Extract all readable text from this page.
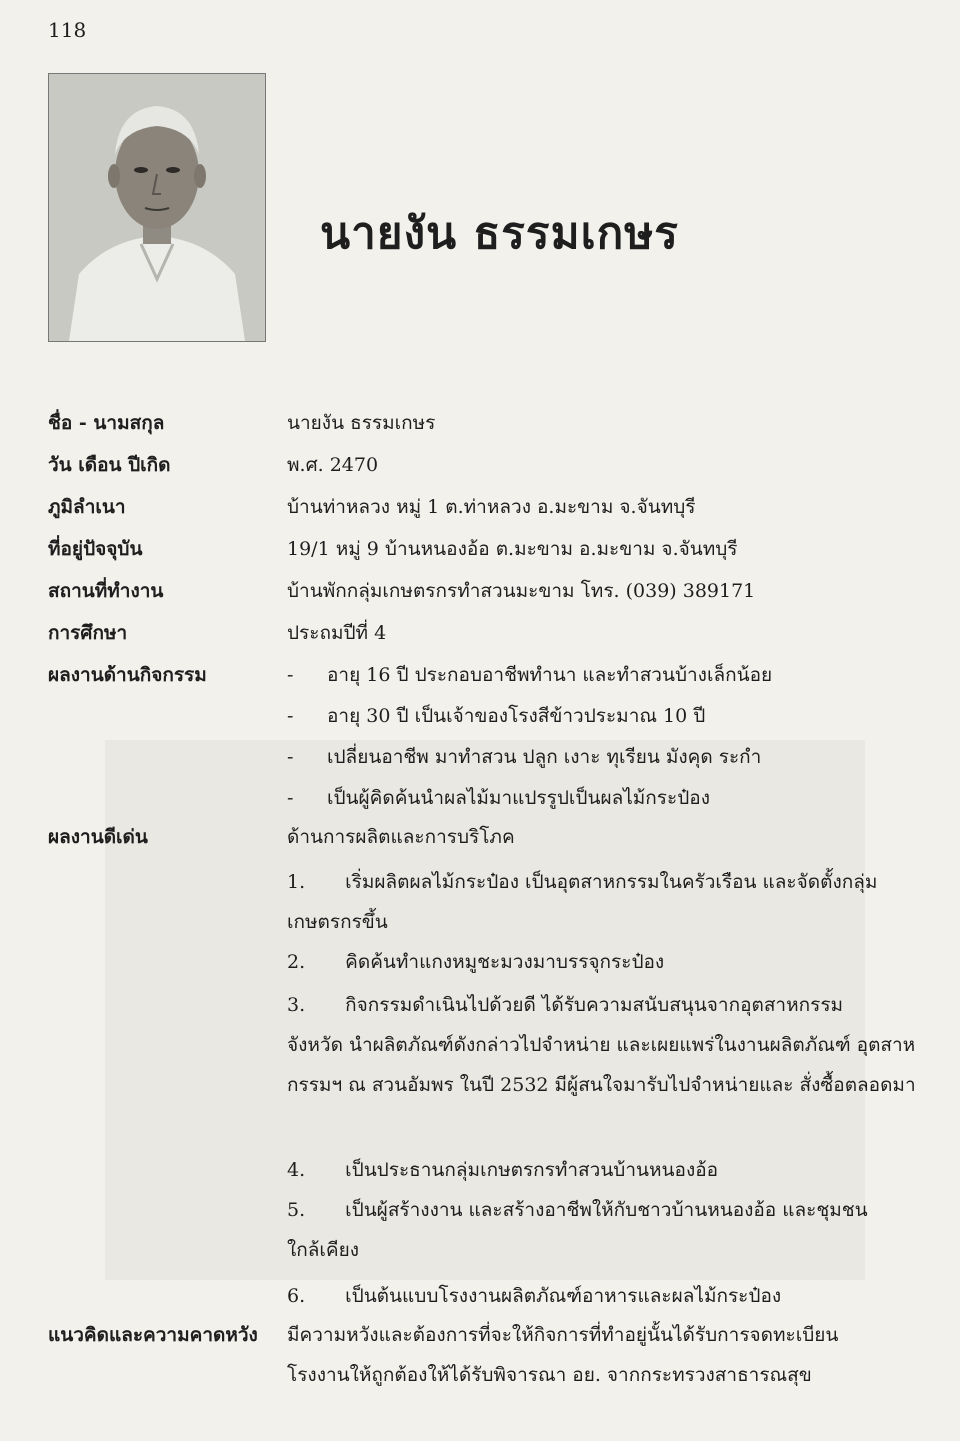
118
นายงัน ธรรมเกษร
ชื่อ - นามสกุล	นายงัน ธรรมเกษร
วัน เดือน ปีเกิด	พ.ศ. 2470
ภูมิลำเนา	บ้านท่าหลวง หมู่ 1 ต.ท่าหลวง อ.มะขาม จ.จันทบุรี
ที่อยู่ปัจจุบัน	19/1 หมู่ 9 บ้านหนองอ้อ ต.มะขาม อ.มะขาม จ.จันทบุรี
สถานที่ทำงาน	บ้านพักกลุ่มเกษตรกรทำสวนมะขาม โทร. (039) 389171
การศึกษา	ประถมปีที่ 4
ผลงานด้านกิจกรรม	- อายุ 16 ปี ประกอบอาชีพทำนา และทำสวนบ้างเล็กน้อย
- อายุ 30 ปี เป็นเจ้าของโรงสีข้าวประมาณ 10 ปี
- เปลี่ยนอาชีพ มาทำสวน ปลูก เงาะ ทุเรียน มังคุด ระกำ
- เป็นผู้คิดค้นนำผลไม้มาแปรรูปเป็นผลไม้กระป๋อง
ผลงานดีเด่น	ด้านการผลิตและการบริโภค
1. เริ่มผลิตผลไม้กระป๋อง เป็นอุตสาหกรรมในครัวเรือน และจัดตั้งกลุ่ม
เกษตรกรขึ้น
2. คิดค้นทำแกงหมูชะมวงมาบรรจุกระป๋อง
3. กิจกรรมดำเนินไปด้วยดี ได้รับความสนับสนุนจากอุตสาหกรรม
จังหวัด นำผลิตภัณฑ์ดังกล่าวไปจำหน่าย และเผยแพร่ในงานผลิตภัณฑ์ อุตสาหกรรมฯ ณ สวนอัมพร ในปี 2532 มีผู้สนใจมารับไปจำหน่ายและ สั่งซื้อตลอดมา
4. เป็นประธานกลุ่มเกษตรกรทำสวนบ้านหนองอ้อ
5. เป็นผู้สร้างงาน และสร้างอาชีพให้กับชาวบ้านหนองอ้อ และชุมชน
ใกล้เคียง
6. เป็นต้นแบบโรงงานผลิตภัณฑ์อาหารและผลไม้กระป๋อง
แนวคิดและความคาดหวัง มีความหวังและต้องการที่จะให้กิจการที่ทำอยู่นั้นได้รับการจดทะเบียน
โรงงานให้ถูกต้องให้ได้รับพิจารณา อย. จากกระทรวงสาธารณสุข
